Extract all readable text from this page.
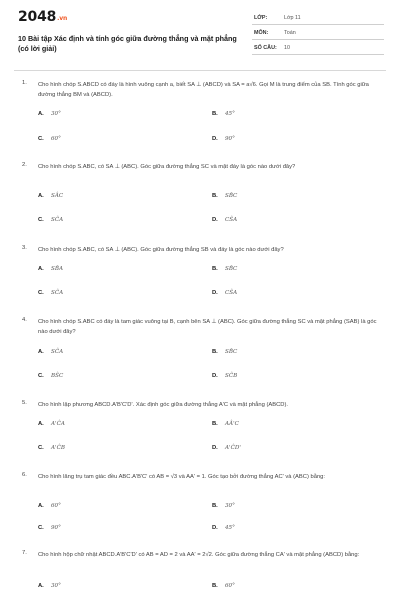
2048.vn
10 Bài tập Xác định và tính góc giữa đường thẳng và mặt phẳng (có lời giải)
LỚP:	Lớp 11
MÔN:	Toán
SỐ CÂU: 10
1. Cho hình chóp S.ABCD có đáy là hình vuông cạnh a, biết SA ⊥ (ABCD) và SA = a√6. Gọi M là trung điểm của SB. Tính góc giữa đường thẳng BM và (ABCD).
A. 30°	B. 45°
C. 60°	D. 90°
2. Cho hình chóp S.ABC, có SA ⊥ (ABC). Góc giữa đường thẳng SC và mặt đáy là góc nào dưới đây?
A. SÂC	B. SB̂C
C. SĈA	D. CŜA
3. Cho hình chóp S.ABC, có SA ⊥ (ABC). Góc giữa đường thẳng SB và đáy là góc nào dưới đây?
A. SB̂A	B. SB̂C
C. SĈA	D. CŜA
4. Cho hình chóp S.ABC có đáy là tam giác vuông tại B, cạnh bên SA ⊥ (ABC). Góc giữa đường thẳng SC và mặt phẳng (SAB) là góc nào dưới đây?
A. SĈA	B. SB̂C
C. BŜC	D. SĈB
5. Cho hình lập phương ABCD.A'B'C'D'. Xác định góc giữa đường thẳng A'C và mặt phẳng (ABCD).
A. A'ĈA	B. AÂ'C
C. A'ĈB	D. A'ĈD'
6. Cho hình lăng trụ tam giác đều ABC.A'B'C' có AB = √3 và AA' = 1. Góc tạo bởi đường thẳng AC' và (ABC) bằng:
A. 60°	B. 30°
C. 90°	D. 45°
7. Cho hình hộp chữ nhật ABCD.A'B'C'D' có AB = AD = 2 và AA' = 2√2. Góc giữa đường thẳng CA' và mặt phẳng (ABCD) bằng:
A. 30°	B. 60°
